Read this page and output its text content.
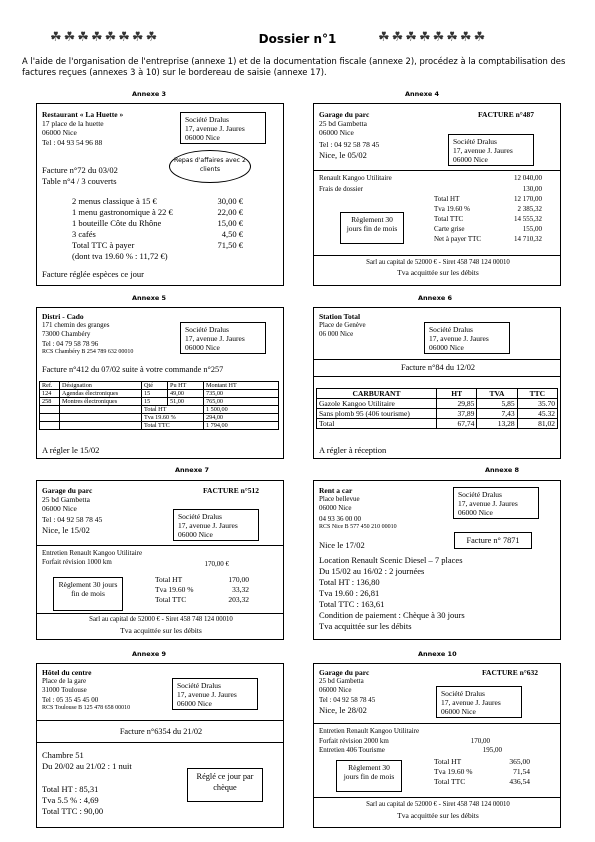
☘☘☘☘☘☘☘☘	Dossier n°1	☘☘☘☘☘☘☘☘
A l'aide de l'organisation de l'entreprise (annexe 1) et de la documentation fiscale (annexe 2), procédez à la comptabilisation des factures reçues (annexes 3 à 10) sur le bordereau de saisie (annexe 17).
Annexe 3
Restaurant « La Huette »
17 place de la huette
06000 Nice
Tel : 04 93 54 96 88
Société Dralus
17, avenue J. Jaures
06000 Nice
Facture n°72 du 03/02
Table n°4 / 3 couverts
Repas d'affaires avec 2 clients
2 menus classique à 15 €	30,00 €
1 menu gastronomique à 22 €	22,00 €
1 bouteille Côte du Rhône	15,00 €
3 cafés	4,50 €
Total TTC à payer	71,50 €
(dont tva 19.60 % : 11,72 €)
Facture réglée espèces ce jour
Annexe 4
Garage du parc	FACTURE n°487
25 bd Gambetta
06000 Nice
Tel : 04 92 58 78 45
Nice, le 05/02
Société Dralus
17, avenue J. Jaures
06000 Nice
Renault Kangoo Utilitaire	12 040,00
Frais de dossier	130,00
Total HT	12 170,00
Tva 19.60 %	2 385,32
Total TTC	14 555,32
Carte grise	155,00
Net à payer TTC	14 710,32
Règlement 30 jours fin de mois
Sarl au capital de 52000 € - Siret 458 748 124 00010
Tva acquittée sur les débits
Annexe 5
Distri - Cado
171 chemin des granges
73000 Chambéry
Tel : 04 79 58 78 96
RCS Chambéry B 254 789 632 00010
Société Dralus
17, avenue J. Jaures
06000 Nice
Facture n°412 du 07/02 suite à votre commande n°257
Ref.	Désignation	Qté	Pu HT	Montant HT
124	Agendas électroniques	15	49,00	735,00
258	Montres électroniques	15	51,00	765,00
		Total HT		1 500,00
		Tva 19.60 %		294,00
		Total TTC		1 794,00
A régler le 15/02
Annexe 6
Station Total
Place de Genève
06 000 Nice	Société Dralus
17, avenue J. Jaures
06000 Nice
Facture n°84 du 12/02
CARBURANT	HT	TVA	TTC
Gazole Kangoo Utilitaire	29,85	5,85	35.70
Sans plomb 95 (406 tourisme)	37,89	7,43	45.32
Total	67,74	13,28	81,02
A régler à réception
Annexe 7
Garage du parc	FACTURE n°512
25 bd Gambetta
06000 Nice
Tel : 04 92 58 78 45
Nice, le 15/02
Société Dralus
17, avenue J. Jaures
06000 Nice
Entretien Renault Kangoo Utilitaire
Forfait révision 1000 km	170,00 €
Total HT	170,00
Tva 19.60 %	33,32
Total TTC	203,32
Règlement 30 jours fin de mois
Sarl au capital de 52000 € - Siret 458 748 124 00010
Tva acquittée sur les débits
Annexe 8
Rent a car
Place bellevue
06000 Nice
04 93 36 00 00
RCS Nice B 577 450 210 00010
Société Dralus
17, avenue J. Jaures
06000 Nice
Nice le 17/02	Facture n° 7871
Location Renault Scenic Diesel – 7 places
Du 15/02 au 16/02 : 2 journées
Total HT : 136,80
Tva 19.60 : 26,81
Total TTC : 163,61
Condition de paiement : Chèque à 30 jours
Tva acquittée sur les débits
Annexe 9
Hôtel du centre
Place de la gare
31000 Toulouse
Tel : 05 35 45 45 00
RCS Toulouse B 125 478 658 00010
Société Dralus
17, avenue J. Jaures
06000 Nice
Facture n°6354 du 21/02
Chambre 51
Du 20/02 au 21/02 : 1 nuit
Total HT : 85,31
Tva 5.5 % : 4,69
Total TTC : 90,00
Réglé ce jour par chèque
Annexe 10
Garage du parc	FACTURE n°632
25 bd Gambetta
06000 Nice
Tel : 04 92 58 78 45
Nice, le 28/02
Société Dralus
17, avenue J. Jaures
06000 Nice
Entretien Renault Kangoo Utilitaire
Forfait révision 2000 km	170,00
Entretien 406 Tourisme	195,00
Total HT	365,00
Tva 19.60 %	71,54
Total TTC	436,54
Règlement 30 jours fin de mois
Sarl au capital de 52000 € - Siret 458 748 124 00010
Tva acquittée sur les débits
